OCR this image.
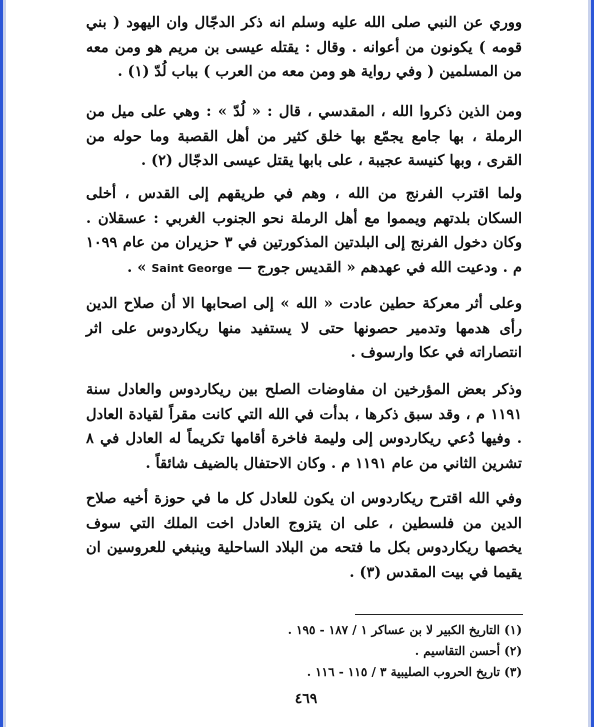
ووري عن النبي صلى الله عليه وسلم انه ذكر الدجّال وان اليهود ( بني قومه ) يكونون من أعوانه . وقال : يقتله عيسى بن مريم هو ومن معه من المسلمين ( وفي رواية هو ومن معه من العرب ) بباب لُدّ (١) .

ومن الذين ذكروا الله ، المقدسي ، قال : « لُدّ » : وهي على ميل من الرملة ، بها جامع يجمّع بها خلق كثير من أهل القصبة وما حوله من القرى ، وبها كنيسة عجيبة ، على بابها يقتل عيسى الدجّال (٢) .

ولما اقترب الفرنج من الله ، وهم في طريقهم إلى القدس ، أخلى السكان بلدتهم ويمموا مع أهل الرملة نحو الجنوب الغربي : عسقلان . وكان دخول الفرنج إلى البلدتين المذكورتين في ٣ حزيران من عام ١٠٩٩ م . ودعيت الله في عهدهم « القديس جورج — Saint George » .

وعلى أثر معركة حطين عادت « الله » إلى اصحابها الا أن صلاح الدين رأى هدمها وتدمير حصونها حتى لا يستفيد منها ريكاردوس على اثر انتصاراته في عكا وارسوف .

وذكر بعض المؤرخين ان مفاوضات الصلح بين ريكاردوس والعادل سنة ١١٩١ م ، وقد سبق ذكرها ، بدأت في الله التي كانت مقراً لقيادة العادل . وفيها دُعي ريكاردوس إلى وليمة فاخرة أقامها تكريماً له العادل في ٨ تشرين الثاني من عام ١١٩١ م . وكان الاحتفال بالضيف شائقاً .

وفي الله اقترح ريكاردوس ان يكون للعادل كل ما في حوزة أخيه صلاح الدين من فلسطين ، على ان يتزوج العادل اخت الملك التي سوف يخصها ريكاردوس بكل ما فتحه من البلاد الساحلية وينبغي للعروسين ان يقيما في بيت المقدس (٣) .

(١) التاريخ الكبير لا بن عساكر ١ / ١٨٧ - ١٩٥ .
(٢) أحسن التقاسيم .
(٣) تاريخ الحروب الصليبية ٣ / ١١٥ - ١١٦ .
٤٦٩
